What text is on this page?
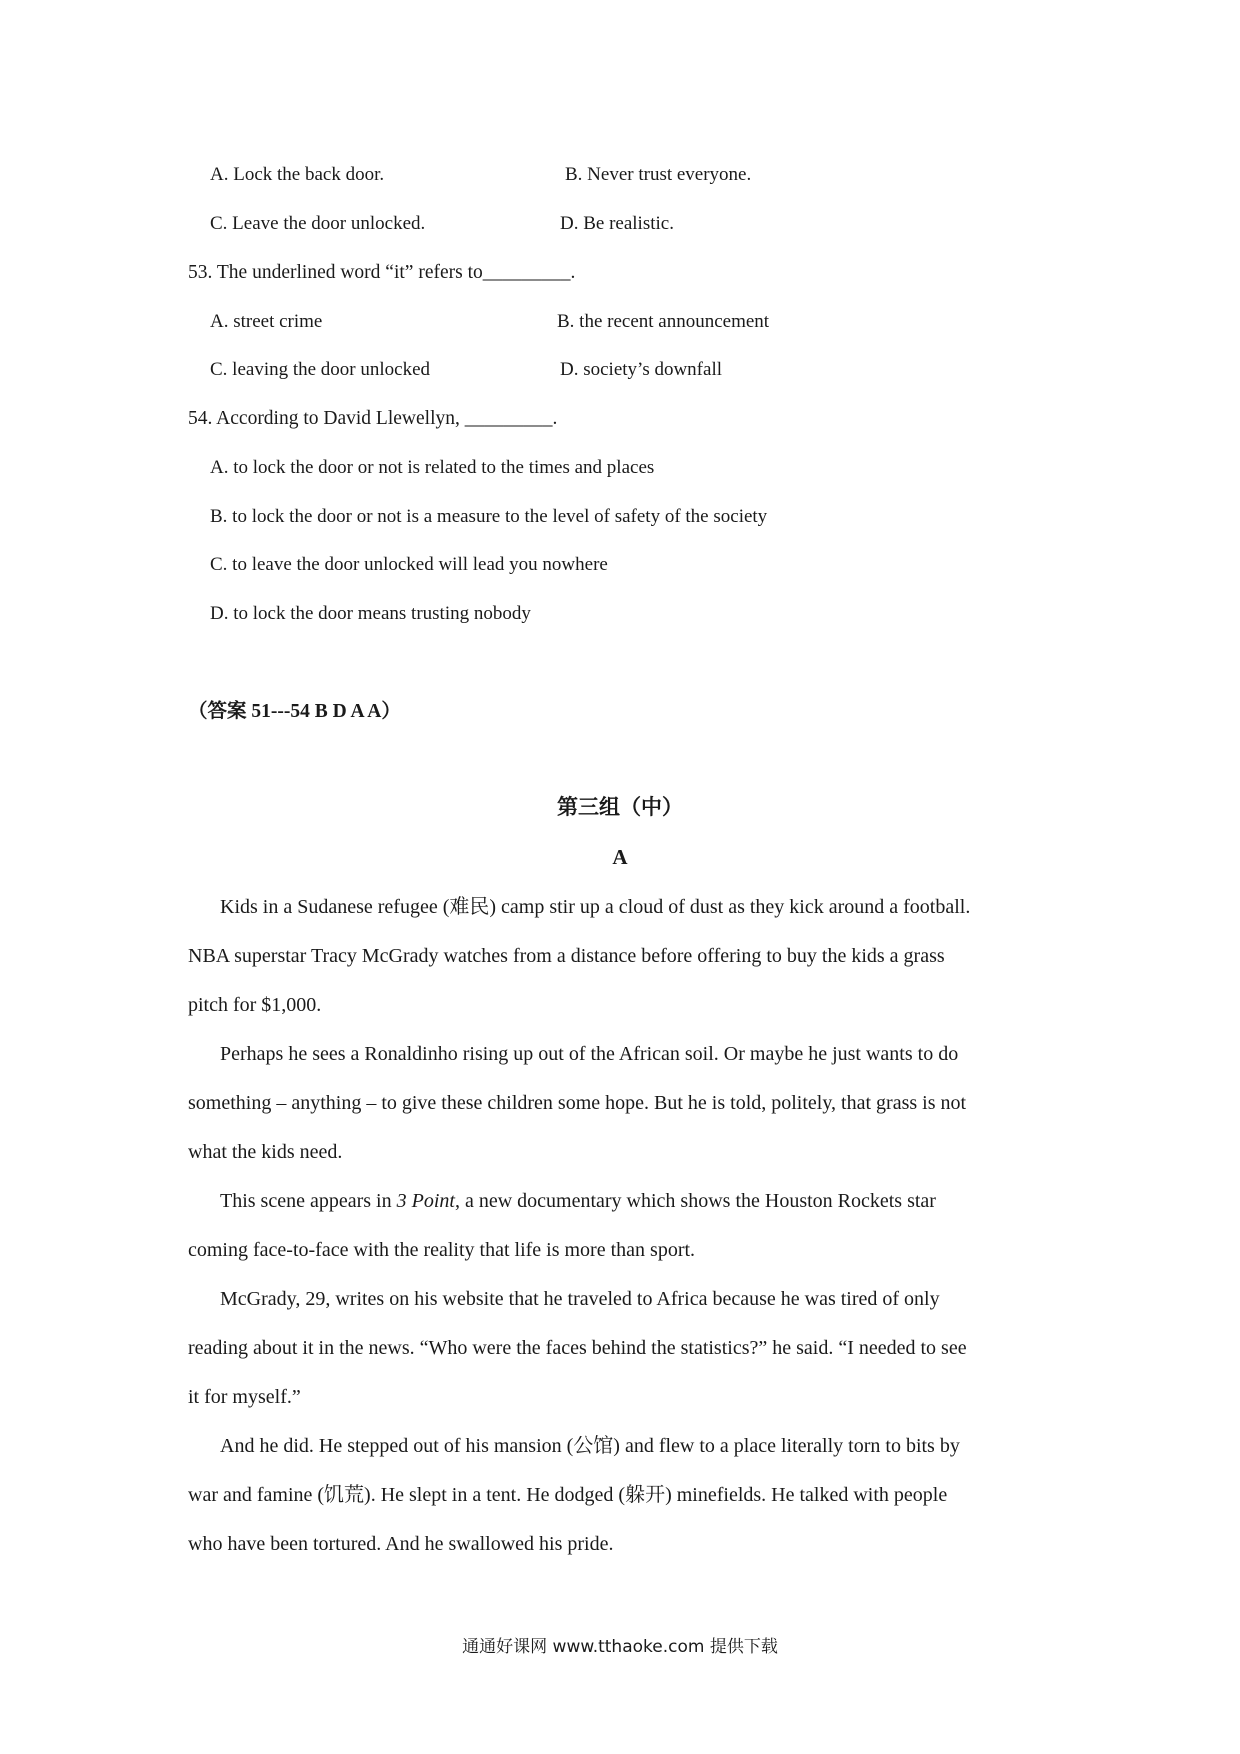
A. Lock the back door.	B. Never trust everyone.
C. Leave the door unlocked.	D. Be realistic.
53. The underlined word “it” refers to_________.
A. street crime	B. the recent announcement
C. leaving the door unlocked	D. society’s downfall
54. According to David Llewellyn, _________.
A. to lock the door or not is related to the times and places
B. to lock the door or not is a measure to the level of safety of the society
C. to leave the door unlocked will lead you nowhere
D. to lock the door means trusting nobody
（答案 51---54 B D A A）
第三组（中）
A
Kids in a Sudanese refugee (难民) camp stir up a cloud of dust as they kick around a football.
NBA superstar Tracy McGrady watches from a distance before offering to buy the kids a grass
pitch for $1,000.
Perhaps he sees a Ronaldinho rising up out of the African soil. Or maybe he just wants to do
something – anything – to give these children some hope. But he is told, politely, that grass is not
what the kids need.
This scene appears in 3 Point, a new documentary which shows the Houston Rockets star
coming face-to-face with the reality that life is more than sport.
McGrady, 29, writes on his website that he traveled to Africa because he was tired of only
reading about it in the news. “Who were the faces behind the statistics?” he said. “I needed to see
it for myself.”
And he did. He stepped out of his mansion (公馆) and flew to a place literally torn to bits by
war and famine (饥荒). He slept in a tent. He dodged (躲开) minefields. He talked with people
who have been tortured. And he swallowed his pride.
通通好课网 www.tthaoke.com 提供下载
